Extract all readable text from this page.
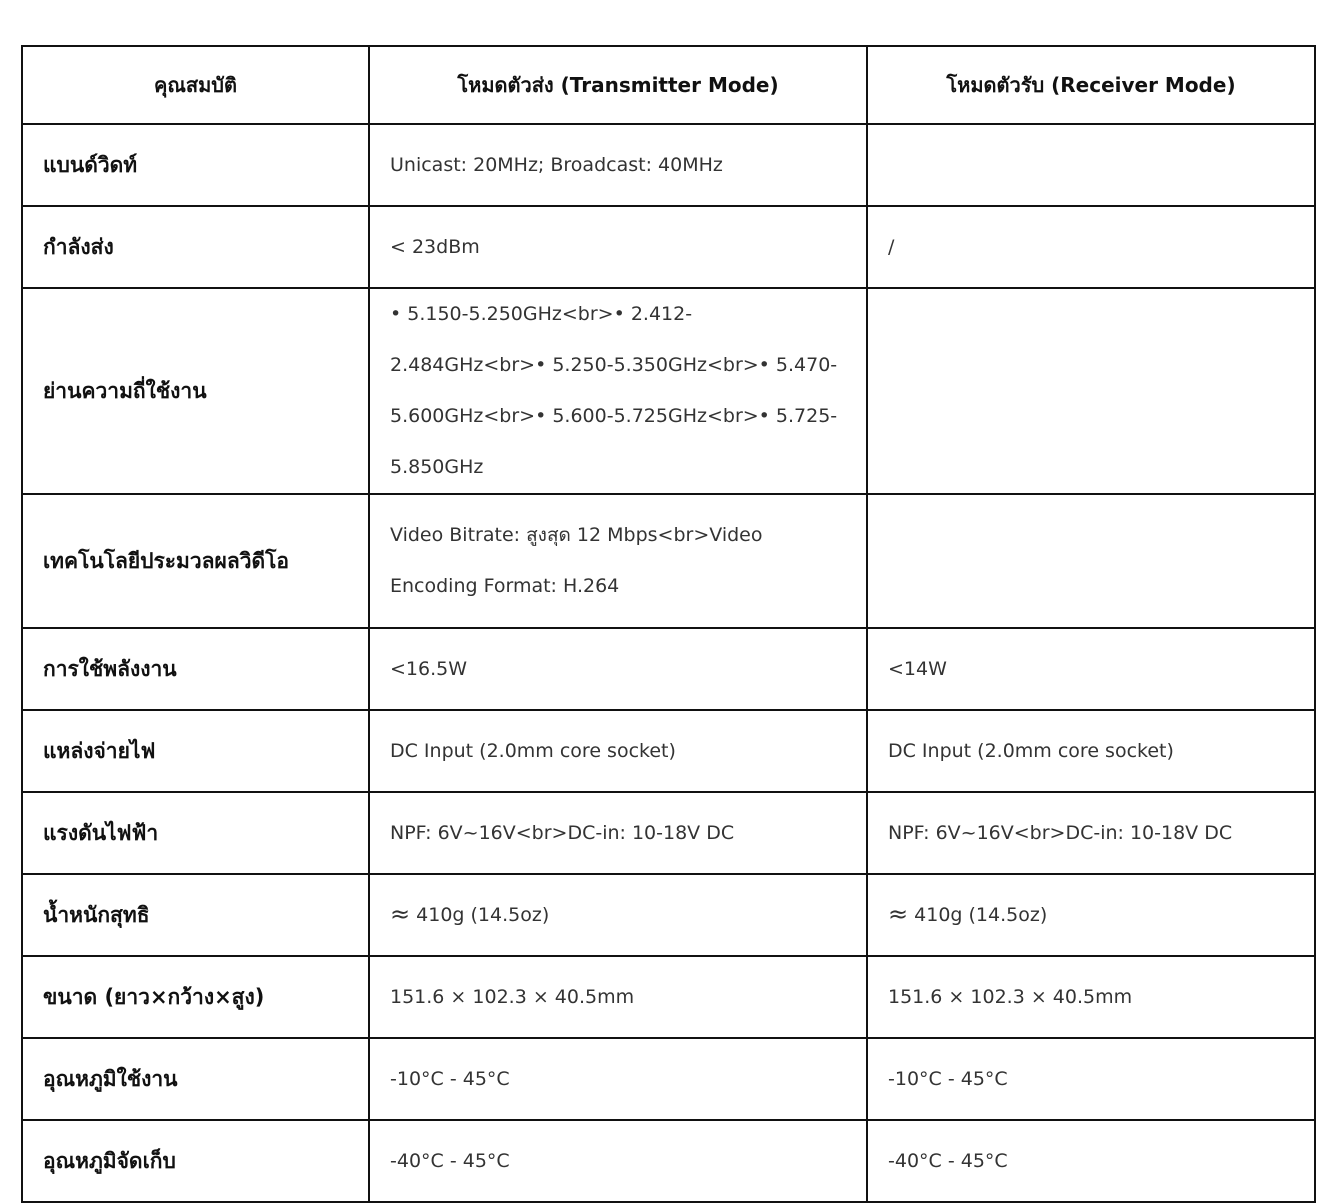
คุณสมบัติ	โหมดตัวส่ง (Transmitter Mode)	โหมดตัวรับ (Receiver Mode)
แบนด์วิดท์	Unicast: 20MHz; Broadcast: 40MHz	
กำลังส่ง	< 23dBm	/
ย่านความถี่ใช้งาน	• 5.150-5.250GHz<br>• 2.412-2.484GHz<br>• 5.250-5.350GHz<br>• 5.470-5.600GHz<br>• 5.600-5.725GHz<br>• 5.725-5.850GHz	
เทคโนโลยีประมวลผลวิดีโอ	Video Bitrate: สูงสุด 12 Mbps<br>Video Encoding Format: H.264	
การใช้พลังงาน	<16.5W	<14W
แหล่งจ่ายไฟ	DC Input (2.0mm core socket)	DC Input (2.0mm core socket)
แรงดันไฟฟ้า	NPF: 6V~16V<br>DC-in: 10-18V DC	NPF: 6V~16V<br>DC-in: 10-18V DC
น้ำหนักสุทธิ	≈ 410g (14.5oz)	≈ 410g (14.5oz)
ขนาด (ยาว×กว้าง×สูง)	151.6 × 102.3 × 40.5mm	151.6 × 102.3 × 40.5mm
อุณหภูมิใช้งาน	-10°C - 45°C	-10°C - 45°C
อุณหภูมิจัดเก็บ	-40°C - 45°C	-40°C - 45°C
